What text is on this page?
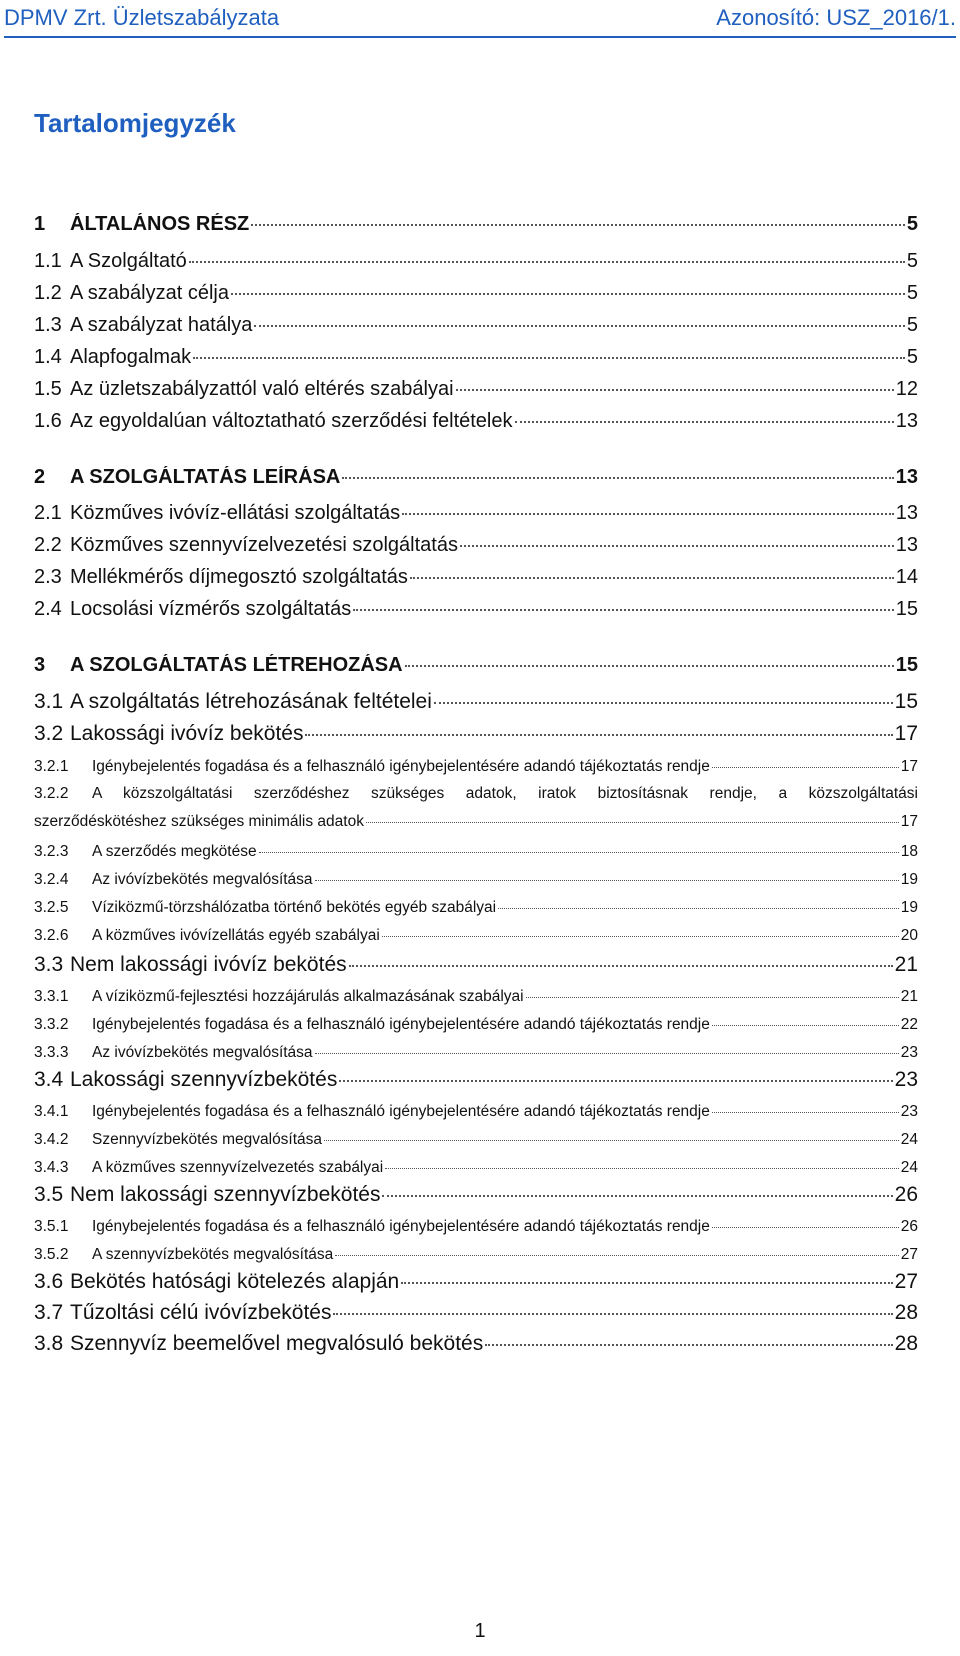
DPMV Zrt. Üzletszabályzata	Azonosító: USZ_2016/1.
Tartalomjegyzék
1	ÁLTALÁNOS RÉSZ	5
1.1 A Szolgáltató	5
1.2 A szabályzat célja	5
1.3 A szabályzat hatálya	5
1.4 Alapfogalmak	5
1.5 Az üzletszabályzattól való eltérés szabályai	12
1.6 Az egyoldalúan változtatható szerződési feltételek	13
2	A SZOLGÁLTATÁS LEÍRÁSA	13
2.1 Közműves ivóvíz-ellátási szolgáltatás	13
2.2 Közműves szennyvízelvezetési szolgáltatás	13
2.3 Mellékmérős díjmegosztó szolgáltatás	14
2.4 Locsolási vízmérős szolgáltatás	15
3	A SZOLGÁLTATÁS LÉTREHOZÁSA	15
3.1 A szolgáltatás létrehozásának feltételei	15
3.2 Lakossági ivóvíz bekötés	17
3.2.1	Igénybejelentés fogadása és a felhasználó igénybejelentésére adandó tájékoztatás rendje	17
3.2.2	A közszolgáltatási szerződéshez szükséges adatok, iratok biztosításnak rendje, a közszolgáltatási
szerződéskötéshez szükséges minimális adatok	17
3.2.3	A szerződés megkötése	18
3.2.4	Az ivóvízbekötés megvalósítása	19
3.2.5	Víziközmű-törzshálózatba történő bekötés egyéb szabályai	19
3.2.6	A közműves ivóvízellátás egyéb szabályai	20
3.3 Nem lakossági ivóvíz bekötés	21
3.3.1	A víziközmű-fejlesztési hozzájárulás alkalmazásának szabályai	21
3.3.2	Igénybejelentés fogadása és a felhasználó igénybejelentésére adandó tájékoztatás rendje	22
3.3.3	Az ivóvízbekötés megvalósítása	23
3.4 Lakossági szennyvízbekötés	23
3.4.1	Igénybejelentés fogadása és a felhasználó igénybejelentésére adandó tájékoztatás rendje	23
3.4.2	Szennyvízbekötés megvalósítása	24
3.4.3	A közműves szennyvízelvezetés szabályai	24
3.5 Nem lakossági szennyvízbekötés	26
3.5.1	Igénybejelentés fogadása és a felhasználó igénybejelentésére adandó tájékoztatás rendje	26
3.5.2	A szennyvízbekötés megvalósítása	27
3.6 Bekötés hatósági kötelezés alapján	27
3.7 Tűzoltási célú ivóvízbekötés	28
3.8 Szennyvíz beemelővel megvalósuló bekötés	28
1
